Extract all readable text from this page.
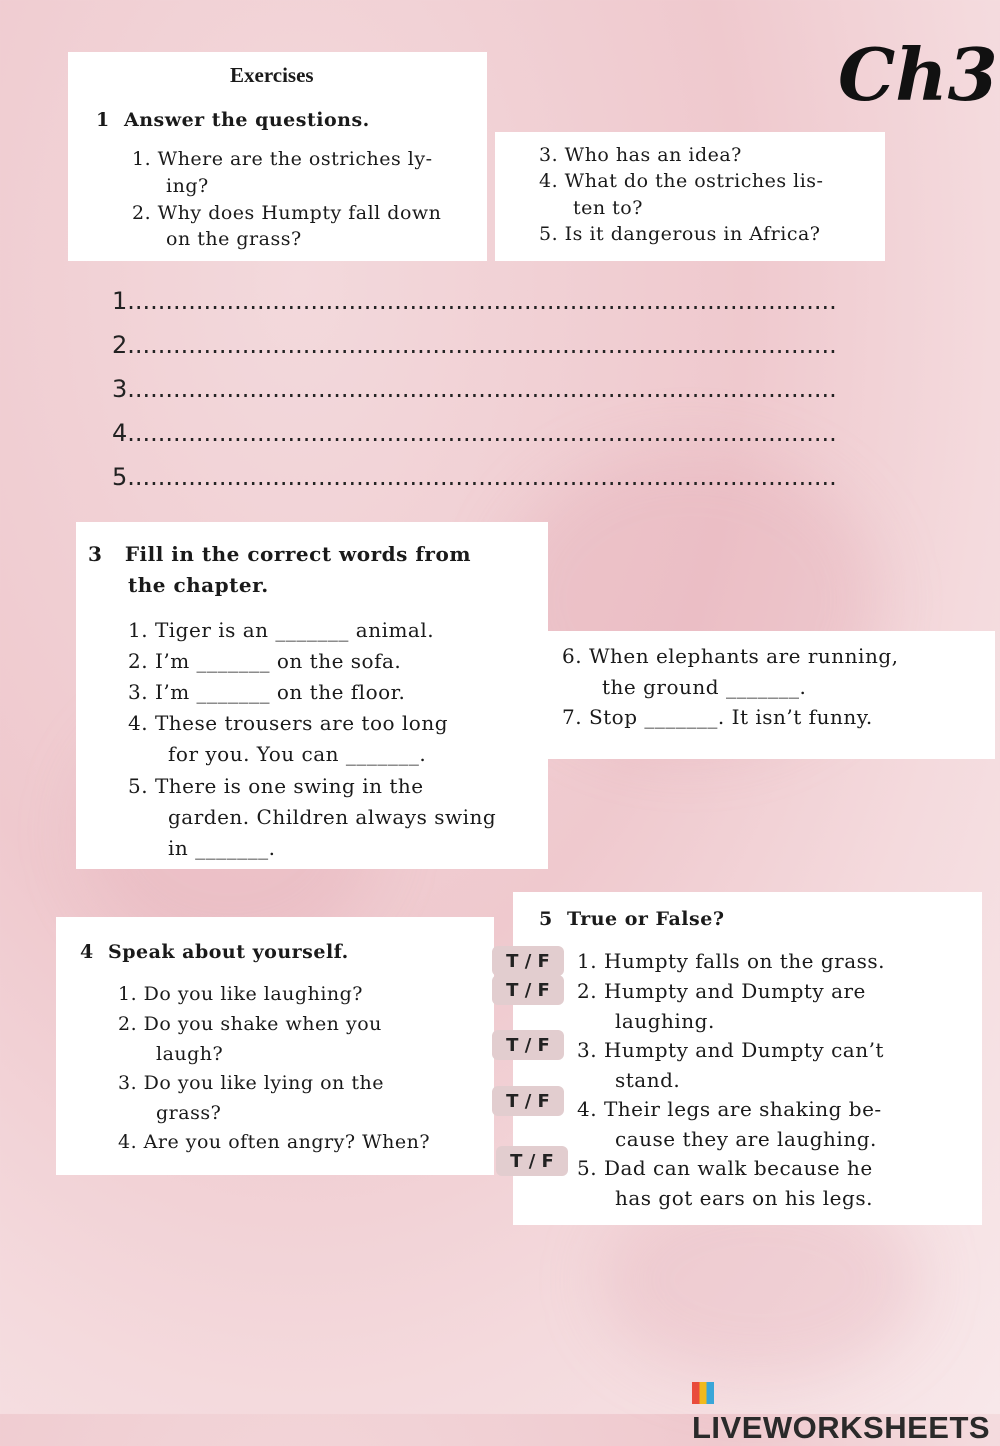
Ch3
Exercises
1 Answer the questions.
1. Where are the ostriches ly-
ing?
2. Why does Humpty fall down
on the grass?
3. Who has an idea?
4. What do the ostriches lis-
ten to?
5. Is it dangerous in Africa?
1.............................................................................................
2.............................................................................................
3.............................................................................................
4.............................................................................................
5.............................................................................................
3 Fill in the correct words from
the chapter.
1. Tiger is an _______ animal.
2. I’m _______ on the sofa.
3. I’m _______ on the floor.
4. These trousers are too long
for you. You can _______.
5. There is one swing in the
garden. Children always swing
in _______.
6. When elephants are running,
the ground _______.
7. Stop _______. It isn’t funny.
4 Speak about yourself.
1. Do you like laughing?
2. Do you shake when you
laugh?
3. Do you like lying on the
grass?
4. Are you often angry? When?
5 True or False?
1. Humpty falls on the grass.
2. Humpty and Dumpty are
laughing.
3. Humpty and Dumpty can’t
stand.
4. Their legs are shaking be-
cause they are laughing.
5. Dad can walk because he
has got ears on his legs.
T / F
T / F
T / F
T / F
T / F
LIVEWORKSHEETS
